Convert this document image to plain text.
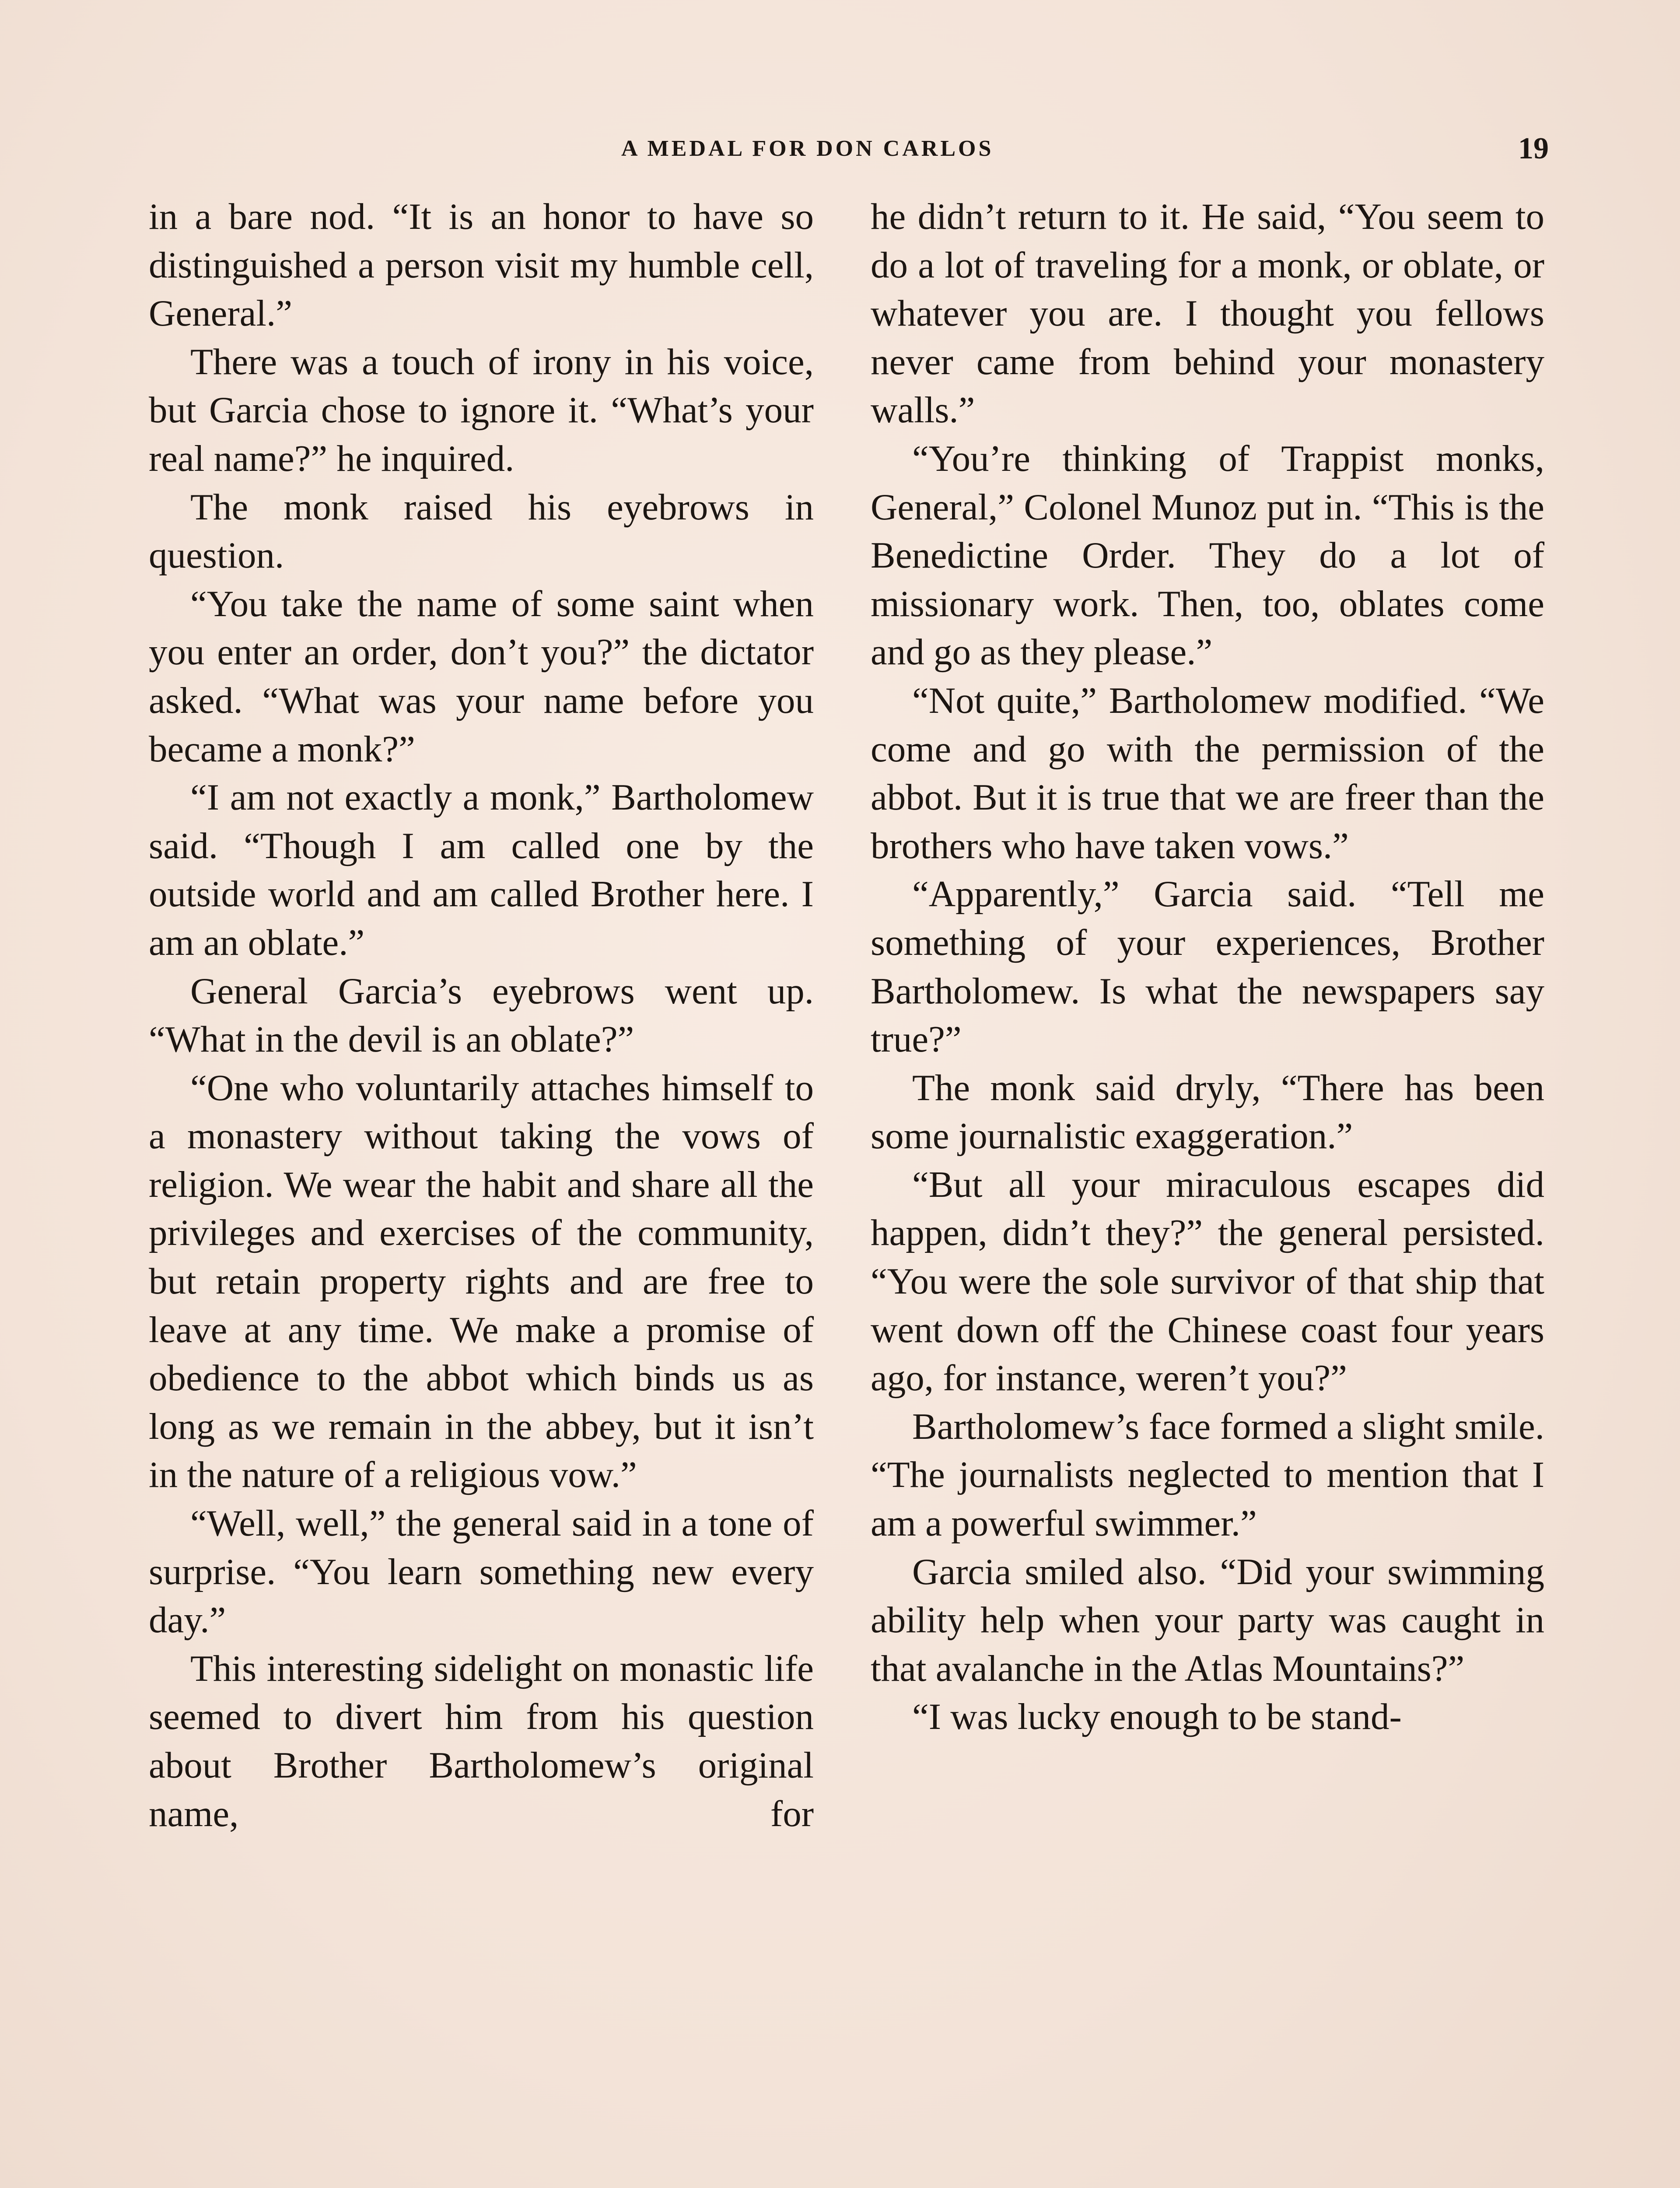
A MEDAL FOR DON CARLOS	19

in a bare nod. “It is an honor to have so distinguished a person visit my humble cell, General.”

There was a touch of irony in his voice, but Garcia chose to ignore it. “What’s your real name?” he inquired.

The monk raised his eyebrows in question.

“You take the name of some saint when you enter an order, don’t you?” the dictator asked. “What was your name before you became a monk?”

“I am not exactly a monk,” Bartholomew said. “Though I am called one by the outside world and am called Brother here. I am an oblate.”

General Garcia’s eyebrows went up. “What in the devil is an oblate?”

“One who voluntarily attaches himself to a monastery without taking the vows of religion. We wear the habit and share all the privileges and exercises of the community, but retain property rights and are free to leave at any time. We make a promise of obedience to the abbot which binds us as long as we remain in the abbey, but it isn’t in the nature of a religious vow.”

“Well, well,” the general said in a tone of surprise. “You learn something new every day.”

This interesting sidelight on monastic life seemed to divert him from his question about Brother Bartholomew’s original name, for

he didn’t return to it. He said, “You seem to do a lot of traveling for a monk, or oblate, or whatever you are. I thought you fellows never came from behind your monastery walls.”

“You’re thinking of Trappist monks, General,” Colonel Munoz put in. “This is the Benedictine Order. They do a lot of missionary work. Then, too, oblates come and go as they please.”

“Not quite,” Bartholomew modified. “We come and go with the permission of the abbot. But it is true that we are freer than the brothers who have taken vows.”

“Apparently,” Garcia said. “Tell me something of your experiences, Brother Bartholomew. Is what the newspapers say true?”

The monk said dryly, “There has been some journalistic exaggeration.”

“But all your miraculous escapes did happen, didn’t they?” the general persisted. “You were the sole survivor of that ship that went down off the Chinese coast four years ago, for instance, weren’t you?”

Bartholomew’s face formed a slight smile. “The journalists neglected to mention that I am a powerful swimmer.”

Garcia smiled also. “Did your swimming ability help when your party was caught in that avalanche in the Atlas Mountains?”

“I was lucky enough to be stand-
